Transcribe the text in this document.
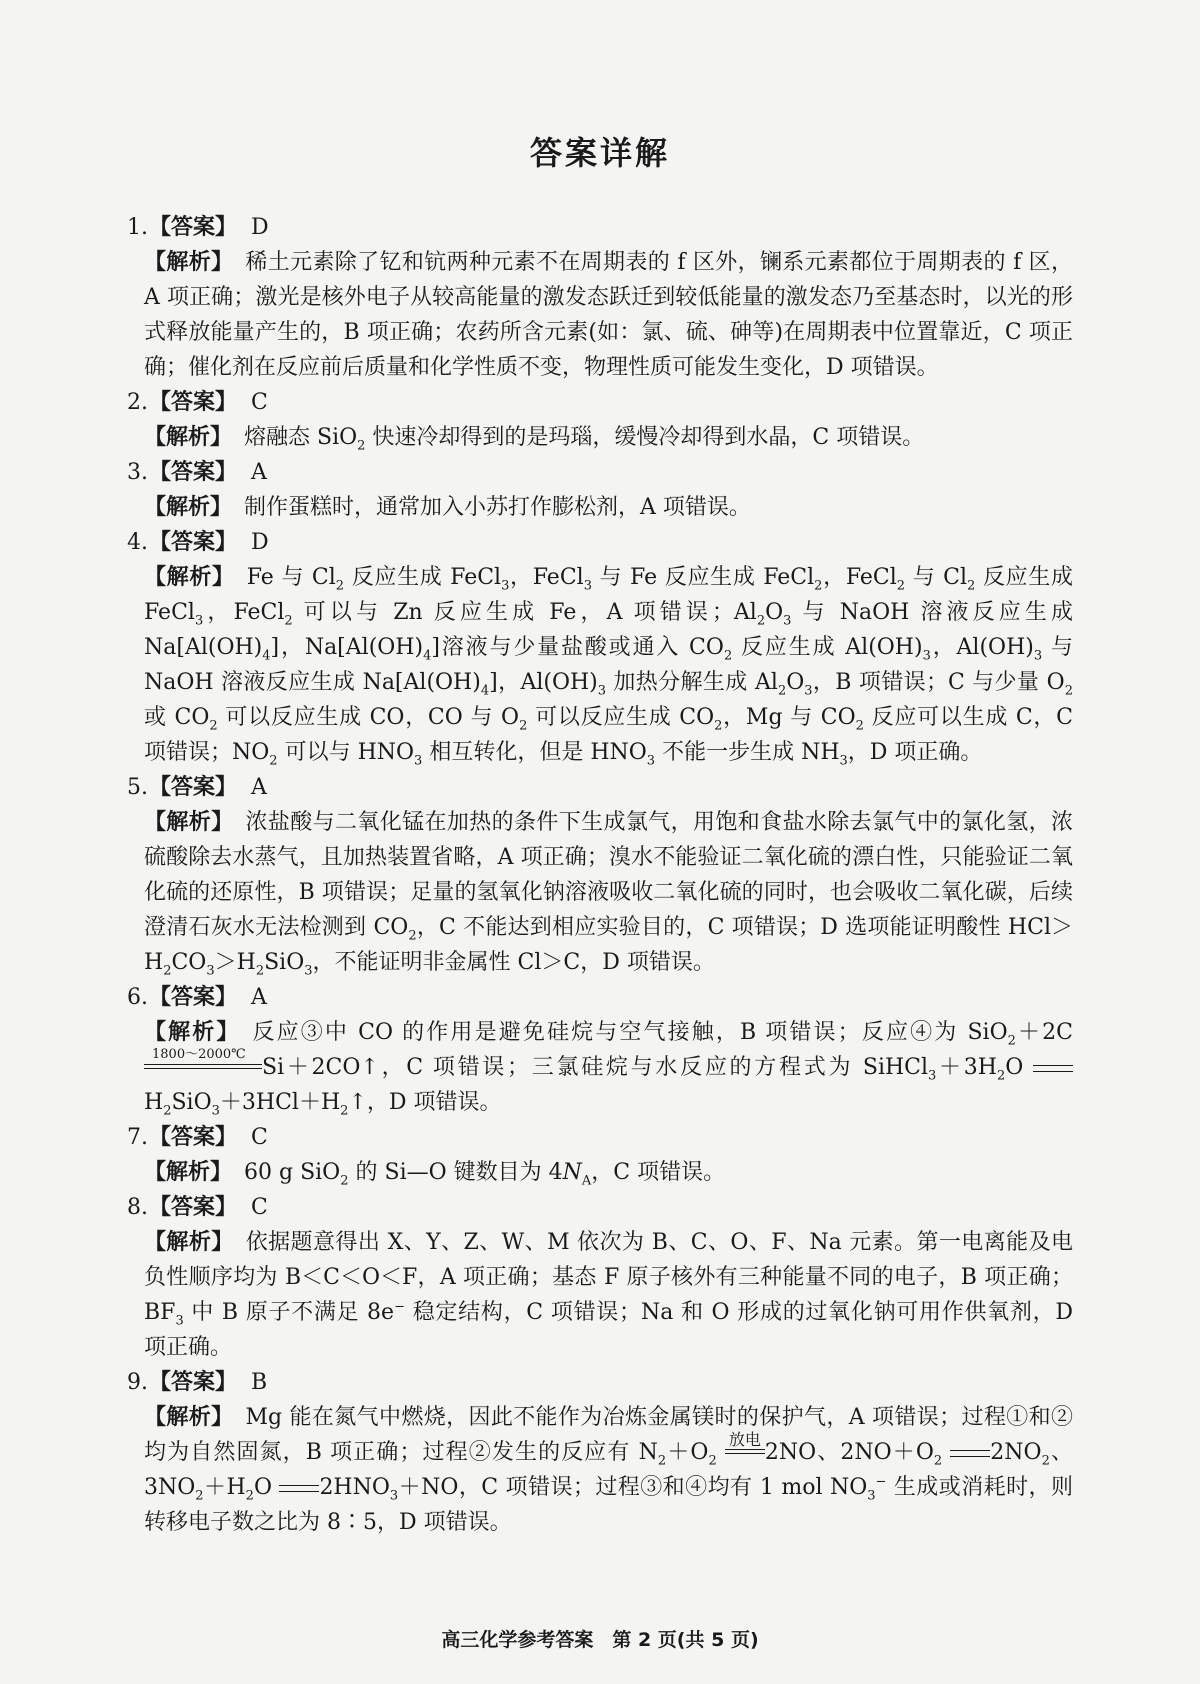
答案详解
1.【答案】 D
【解析】 稀土元素除了钇和钪两种元素不在周期表的 f 区外，镧系元素都位于周期表的 f 区，A 项正确；激光是核外电子从较高能量的激发态跃迁到较低能量的激发态乃至基态时，以光的形式释放能量产生的，B 项正确；农药所含元素(如：氯、硫、砷等)在周期表中位置靠近，C 项正确；催化剂在反应前后质量和化学性质不变，物理性质可能发生变化，D 项错误。
2.【答案】 C
【解析】 熔融态 SiO$_2$ 快速冷却得到的是玛瑙，缓慢冷却得到水晶，C 项错误。
3.【答案】 A
【解析】 制作蛋糕时，通常加入小苏打作膨松剂，A 项错误。
4.【答案】 D
【解析】 Fe 与 $Cl_2$ 反应生成 FeCl$_3$，FeCl$_3$ 与 Fe 反应生成 FeCl$_2$，FeCl$_2$ 与 $Cl_2$ 反应生成 FeCl$_3$，FeCl$_2$ 可以与 Zn 反应生成 Fe，A 项错误；$Al_2O_3$ 与 NaOH 溶液反应生成 $Na[Al(OH)_4]$，$Na[Al(OH)_4]$溶液与少量盐酸或通入 $CO_2$ 反应生成 $Al(OH)_3$，$Al(OH)_3$ 与 NaOH 溶液反应生成 $Na[Al(OH)_4]$，$Al(OH)_3$ 加热分解生成 $Al_2O_3$，B 项错误；C 与少量 $O_2$ 或 $CO_2$ 可以反应生成 CO，CO 与 $O_2$ 可以反应生成 $CO_2$，Mg 与 $CO_2$ 反应可以生成 C，C 项错误；$NO_2$ 可以与 $HNO_3$ 相互转化，但是 $HNO_3$ 不能一步生成 $NH_3$，D 项正确。
5.【答案】 A
【解析】 浓盐酸与二氧化锰在加热的条件下生成氯气，用饱和食盐水除去氯气中的氯化氢，浓硫酸除去水蒸气，且加热装置省略，A 项正确；溴水不能验证二氧化硫的漂白性，只能验证二氧化硫的还原性，B 项错误；足量的氢氧化钠溶液吸收二氧化硫的同时，也会吸收二氧化碳，后续澄清石灰水无法检测到 $CO_2$，C 不能达到相应实验目的，C 项错误；D 选项能证明酸性 $HCl>H_2CO_3>H_2SiO_3$，不能证明非金属性 Cl＞C，D 项错误。
6.【答案】 A
【解析】 反应③中 CO 的作用是避免硅烷与空气接触，B 项错误；反应④为 SiO$_2$＋2C
1800～2000℃
Si＋2CO↑，C 项错误；三氯硅烷与水反应的方程式为 $SiHCl_3+3H_2O$  $H_2SiO_3+3HCl+H_2↑$，D 项错误。
7.【答案】 C
【解析】 60 g SiO$_2$ 的 Si—O 键数目为 $4N_A$，C 项错误。
8.【答案】 C
【解析】 依据题意得出 X、Y、Z、W、M 依次为 B、C、O、F、Na 元素。第一电离能及电负性顺序均为 B＜C＜O＜F，A 项正确；基态 F 原子核外有三种能量不同的电子，B 项正确；$BF_3$ 中 B 原子不满足 8e− 稳定结构，C 项错误；Na 和 O 形成的过氧化钠可用作供氧剂，D 项正确。
9.【答案】 B
【解析】 Mg 能在氮气中燃烧，因此不能作为冶炼金属镁时的保护气，A 项错误；过程①和②均为自然固氮，B 项正确；过程②发生的反应有 $N_2+O_2$
放电
2NO、$2NO+O_2$ $2NO_2$、$3NO_2+H_2O$ $2HNO_3+NO$，C 项错误；过程③和④均有 1 mol $NO_3^-$ 生成或消耗时，则转移电子数之比为 8∶5，D 项错误。
高三化学参考答案　第 2 页(共 5 页)
